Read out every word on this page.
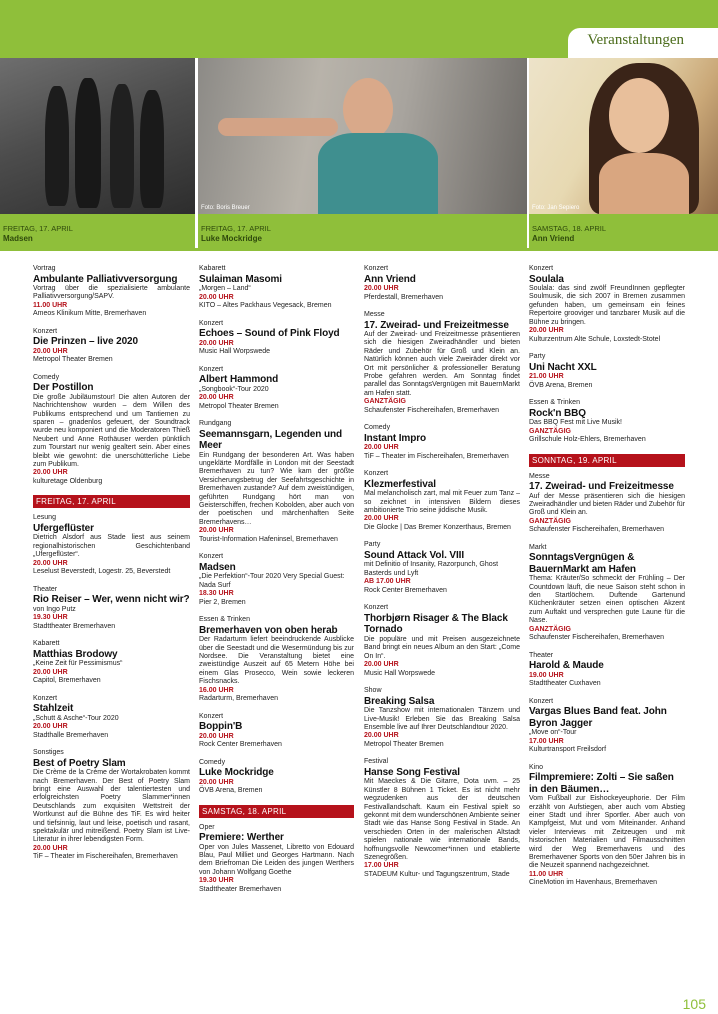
Veranstaltungen
Foto: Boris Breuer	Foto: Jan Sepiero
FREITAG, 17. APRIL
Madsen
FREITAG, 17. APRIL
Luke Mockridge
SAMSTAG, 18. APRIL
Ann Vriend
Vortrag
Ambulante Palliativversorgung
Vortrag über die spezialisierte ambulante Palliativversorgung/SAPV.
11.00 UHR
Ameos Klinikum Mitte, Bremerhaven
Konzert
Die Prinzen – live 2020
20.00 UHR
Metropol Theater Bremen
Comedy
Der Postillon
Die große Jubiläumstour! Die alten Autoren der Nachrichtenshow wurden – dem Willen des Publikums entsprechend und um Tantiemen zu sparen – gnadenlos gefeuert, der Soundtrack wurde neu komponiert und die Moderatoren Thieß Neubert und Anne Rothäuser werden pünktlich zum Tourstart nur wenig gealtert sein. Aber eines bleibt wie gewohnt: die unerschütterliche Liebe zum Publikum.
20.00 UHR
kulturetage Oldenburg
FREITAG, 17. APRIL
Lesung
Ufergeflüster
Dietrich Alsdorf aus Stade liest aus seinem regionalhistorischen Geschichtenband „Ufergeflüster“.
20.00 UHR
Leselust Beverstedt, Logestr. 25, Beverstedt
Theater
Rio Reiser – Wer, wenn nicht wir?
von Ingo Putz
19.30 UHR
Stadttheater Bremerhaven
Kabarett
Matthias Brodowy
„Keine Zeit für Pessimismus“
20.00 UHR
Capitol, Bremerhaven
Konzert
Stahlzeit
„Schutt & Asche“-Tour 2020
20.00 UHR
Stadthalle Bremerhaven
Sonstiges
Best of Poetry Slam
Die Crème de la Crème der Wortakrobaten kommt nach Bremerhaven. Der Best of Poetry Slam bringt eine Auswahl der talentiertesten und erfolgreichsten Poetry Slammer*innen Deutschlands zum exquisiten Wettstreit der Wortkunst auf die Bühne des TiF. Es wird heiter und tiefsinnig, laut und leise, poetisch und rasant, spektakulär und mitreißend. Poetry Slam ist Live-Literatur in ihrer lebendigsten Form.
20.00 UHR
TiF – Theater im Fischereihafen, Bremerhaven
Kabarett
Sulaiman Masomi
„Morgen – Land“
20.00 UHR
KITO – Altes Packhaus Vegesack, Bremen
Konzert
Echoes – Sound of Pink Floyd
20.00 UHR
Music Hall Worpswede
Konzert
Albert Hammond
„Songbook“-Tour 2020
20.00 UHR
Metropol Theater Bremen
Rundgang
Seemannsgarn, Legenden und Meer
Ein Rundgang der besonderen Art. Was haben ungeklärte Mordfälle in London mit der Seestadt Bremerhaven zu tun? Wie kam der größte Versicherungsbetrug der Seefahrtsgeschichte in Bremerhaven zustande? Auf dem zweistündigen, geführten Rundgang hört man von Geisterschiffen, frechen Kobolden, aber auch von der poetischen und märchenhaften Seite Bremerhavens…
20.00 UHR
Tourist-Information Hafeninsel, Bremerhaven
Konzert
Madsen
„Die Perfektion“-Tour 2020 Very Special Guest: Nada Surf
18.30 UHR
Pier 2, Bremen
Essen & Trinken
Bremerhaven von oben herab
Der Radarturm liefert beeindruckende Ausblicke über die Seestadt und die Wesermündung bis zur Nordsee. Die Veranstaltung bietet eine zweistündige Auszeit auf 65 Metern Höhe bei einem Glas Prosecco, Wein sowie leckeren Fischsnacks.
16.00 UHR
Radarturm, Bremerhaven
Konzert
Boppin'B
20.00 UHR
Rock Center Bremerhaven
Comedy
Luke Mockridge
20.00 UHR
ÖVB Arena, Bremen
SAMSTAG, 18. APRIL
Oper
Premiere: Werther
Oper von Jules Massenet, Libretto von Edouard Blau, Paul Milliet und Georges Hartmann. Nach dem Briefroman Die Leiden des jungen Werthers von Johann Wolfgang Goethe
19.30 UHR
Stadttheater Bremerhaven
Konzert
Ann Vriend
20.00 UHR
Pferdestall, Bremerhaven
Messe
17. Zweirad- und Freizeitmesse
Auf der Zweirad- und Freizeitmesse präsentieren sich die hiesigen Zweiradhändler und bieten Räder und Zubehör für Groß und Klein an. Natürlich können auch viele Zweiräder direkt vor Ort mit persönlicher & professioneller Beratung Probe gefahren werden. Am Sonntag findet parallel das SonntagsVergnügen mit BauernMarkt am Hafen statt.
GANZTÄGIG
Schaufenster Fischereihafen, Bremerhaven
Comedy
Instant Impro
20.00 UHR
TiF – Theater im Fischereihafen, Bremerhaven
Konzert
Klezmerfestival
Mal melancholisch zart, mal mit Feuer zum Tanz – so zeichnet in intensiven Bildern dieses ambitionierte Trio seine jiddische Musik.
20.00 UHR
Die Glocke | Das Bremer Konzerthaus, Bremen
Party
Sound Attack Vol. VIII
mit Definitio of Insanity, Razorpunch, Ghost Basterds und Lyft
AB 17.00 UHR
Rock Center Bremerhaven
Konzert
Thorbjørn Risager & The Black Tornado
Die populäre und mit Preisen ausgezeichnete Band bringt ein neues Album an den Start: „Come On In“.
20.00 UHR
Music Hall Worpswede
Show
Breaking Salsa
Die Tanzshow mit internationalen Tänzern und Live-Musik! Erleben Sie das Breaking Salsa Ensemble live auf Ihrer Deutschlandtour 2020.
20.00 UHR
Metropol Theater Bremen
Festival
Hanse Song Festival
Mit Maeckes & Die Gitarre, Dota uvm. – 25 Künstler 8 Bühnen 1 Ticket. Es ist nicht mehr wegzudenken aus der deutschen Festivallandschaft. Kaum ein Festival spielt so gekonnt mit dem wunderschönen Ambiente seiner Stadt wie das Hanse Song Festival in Stade. An verschieden Orten in der malerischen Altstadt spielen nationale wie internationale Bands, hoffnungsvolle Newcomer*innen und etablierte Szenegrößen.
17.00 UHR
STADEUM Kultur- und Tagungszentrum, Stade
Konzert
Soulala
Soulala: das sind zwölf FreundInnen gepflegter Soulmusik, die sich 2007 in Bremen zusammen gefunden haben, um gemeinsam ein feines Repertoire grooviger und tanzbarer Musik auf die Bühne zu bringen.
20.00 UHR
Kulturzentrum Alte Schule, Loxstedt-Stotel
Party
Uni Nacht XXL
21.00 UHR
ÖVB Arena, Bremen
Essen & Trinken
Rock'n BBQ
Das BBQ Fest mit Live Musik!
GANZTÄGIG
Grillschule Holz-Ehlers, Bremerhaven
SONNTAG, 19. APRIL
Messe
17. Zweirad- und Freizeitmesse
Auf der Messe präsentieren sich die hiesigen Zweiradhändler und bieten Räder und Zubehör für Groß und Klein an.
GANZTÄGIG
Schaufenster Fischereihafen, Bremerhaven
Markt
SonntagsVergnügen & BauernMarkt am Hafen
Thema: Kräuter/So schmeckt der Frühling – Der Countdown läuft, die neue Saison steht schon in den Startlöchern. Duftende Gartenund Küchenkräuter setzen einen optischen Akzent zum Auftakt und versprechen gute Laune für die Nase.
GANZTÄGIG
Schaufenster Fischereihafen, Bremerhaven
Theater
Harold & Maude
19.00 UHR
Stadttheater Cuxhaven
Konzert
Vargas Blues Band feat. John Byron Jagger
„Move on“-Tour
17.00 UHR
Kulturtransport Freilsdorf
Kino
Filmpremiere: Zolti – Sie saßen in den Bäumen…
Vom Fußball zur Eishockeyeuphorie. Der Film erzählt von Aufstiegen, aber auch vom Abstieg einer Stadt und ihrer Sportler. Aber auch von Kampfgeist, Mut und vom Miteinander. Anhand vieler Interviews mit Zeitzeugen und mit historischen Materialien und Filmausschnitten wird der Weg Bremerhavens und des Bremerhavener Sports von den 50er Jahren bis in die Neuzeit spannend nachgezeichnet.
11.00 UHR
CineMotion im Havenhaus, Bremerhaven
105
